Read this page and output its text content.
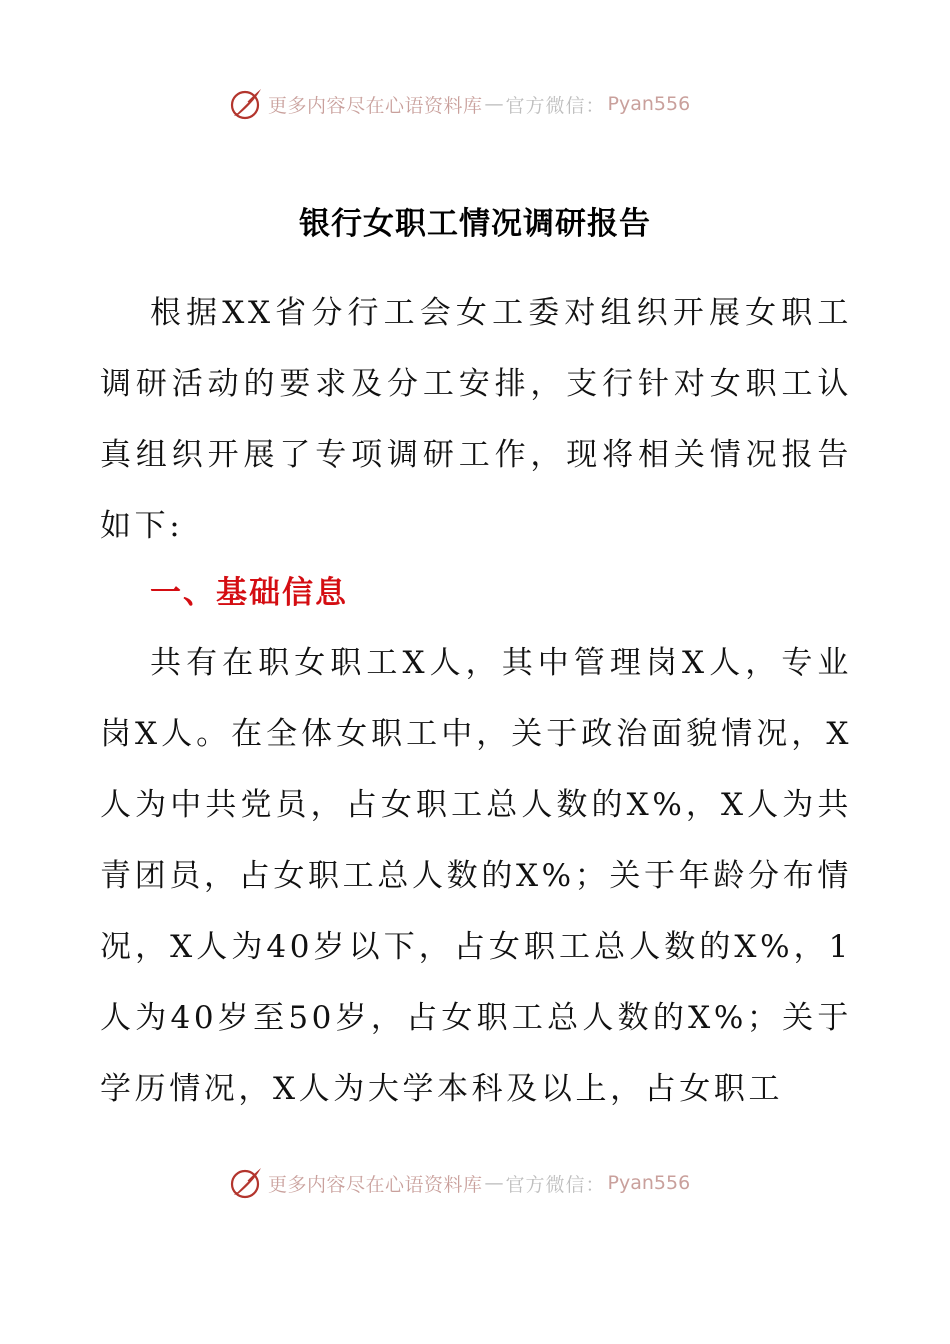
更多内容尽在心语资料库 — 官方微信： Pyan556
银行女职工情况调研报告

根据XX省分行工会女工委对组织开展女职工调研活动的要求及分工安排，支行针对女职工认真组织开展了专项调研工作，现将相关情况报告如下:

一、基础信息

共有在职女职工X人，其中管理岗X人，专业岗X人。在全体女职工中，关于政治面貌情况，X人为中共党员，占女职工总人数的X%，X人为共青团员，占女职工总人数的X%；关于年龄分布情况，X人为40岁以下，占女职工总人数的X%，1人为40岁至50岁，占女职工总人数的X%；关于学历情况，X人为大学本科及以上，占女职工

更多内容尽在心语资料库 — 官方微信： Pyan556
